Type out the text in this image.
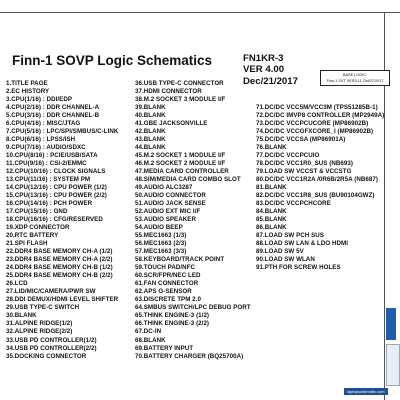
Finn-1 SOVP Logic Schematics	FN1KR-3
VER 4.00
Dec/21/2017
BASE LOGIC:
Finn-1 SVT VER3.11 Oct/27/2017
1.TITLE PAGE
2.EC HISTORY
3.CPU(1/16) : DDI/EDP
4.CPU(2/16) : DDR CHANNEL-A
5.CPU(3/16) : DDR CHANNEL-B
6.CPU(4/16) : MISC/JTAG
7.CPU(5/16) : LPC/SPI/SMBUS/C-LINK
8.CPU(6/16) : LPSS/ISH
9.CPU(7/16) : AUDIO/SDXC
10.CPU(8/16) : PCIE/USB/SATA
11.CPU(9/16) : CSI-2/EMMC
12.CPU(10/16) : CLOCK SIGNALS
13.CPU(11/16) : SYSTEM PM
14.CPU(12/16) : CPU POWER (1/2)
15.CPU(13/16) : CPU POWER (2/2)
16.CPU(14/16) : PCH POWER
17.CPU(15/16) : GND
18.CPU(16/16) : CFG/RESERVED
19.XDP CONNECTOR
20.RTC BATTERY
21.SPI FLASH
22.DDR4 BASE MEMORY CH-A (1/2)
23.DDR4 BASE MEMORY CH-A (2/2)
24.DDR4 BASE MEMORY CH-B (1/2)
25.DDR4 BASE MEMORY CH-B (2/2)
26.LCD
27.LID/MIC/CAMERA/PWR SW
28.DDI DEMUX/HDMI LEVEL SHIFTER
29.USB TYPE-C SWITCH
30.BLANK
31.ALPINE RIDGE(1/2)
32.ALPINE RIDGE(2/2)
33.USB PD CONTROLLER(1/2)
34.USB PD CONTROLLER(2/2)
35.DOCKING CONNECTOR
36.USB TYPE-C CONNECTOR
37.HDMI CONNECTOR
38.M.2 SOCKET 3 MODULE I/F
39.BLANK
40.BLANK
41.GBE JACKSONVILLE
42.BLANK
43.BLANK
44.BLANK
45.M.2 SOCKET 1 MODULE I/F
46.M.2 SOCKET 2 MODULE I/F
47.MEDIA CARD CONTROLLER
48.SIM/MEDIA CARD COMBO SLOT
49.AUDIO ALC3287
50.AUDIO CONNECTOR
51.AUDIO JACK SENSE
52.AUDIO EXT MIC I/F
53.AUDIO SPEAKER
54.AUDIO BEEP
55.MEC1663 (1/3)
56.MEC1663 (2/3)
57.MEC1663 (3/3)
58.KEYBOARD/TRACK POINT
59.TOUCH PAD/NFC
60.SCR/FPR/NEC LED
61.FAN CONNECTOR
62.APS G-SENSOR
63.DISCRETE TPM 2.0
64.SMBUS SWITCH/LPC DEBUG PORT
65.THINK ENGINE-3 (1/2)
66.THINK ENGINE-3 (2/2)
67.DC-IN
68.BLANK
69.BATTERY INPUT
70.BATTERY CHARGER (BQ25700A)
71.DC/DC VCC5M/VCC3M (TPS51285B-1)
72.DC/DC IMVP8 CONTROLLER (MP2949A)
73.DC/DC VCCPCUCORE (MP86902B)
74.DC/DC VCCGFXCORE_I (MP86902B)
75.DC/DC VCCSA (MP86901A)
76.BLANK
77.DC/DC VCCPCUIO
78.DC/DC VCC1R0_SUS (NB693)
79.LOAD SW VCCST & VCCSTG
80.DC/DC VCC1R2A /0R6B/2R5A (NB687)
81.BLANK
82.DC/DC VCC1R8_SUS (BU90104GWZ)
83.DC/DC VCCPCHCORE
84.BLANK
85.BLANK
86.BLANK
87.LOAD SW PCH SUS
88.LOAD SW LAN & LDO HDMI
89.LOAD SW 5V
90.LOAD SW WLAN
91.PTH FOR SCREW HOLES
laptopschematic.com
